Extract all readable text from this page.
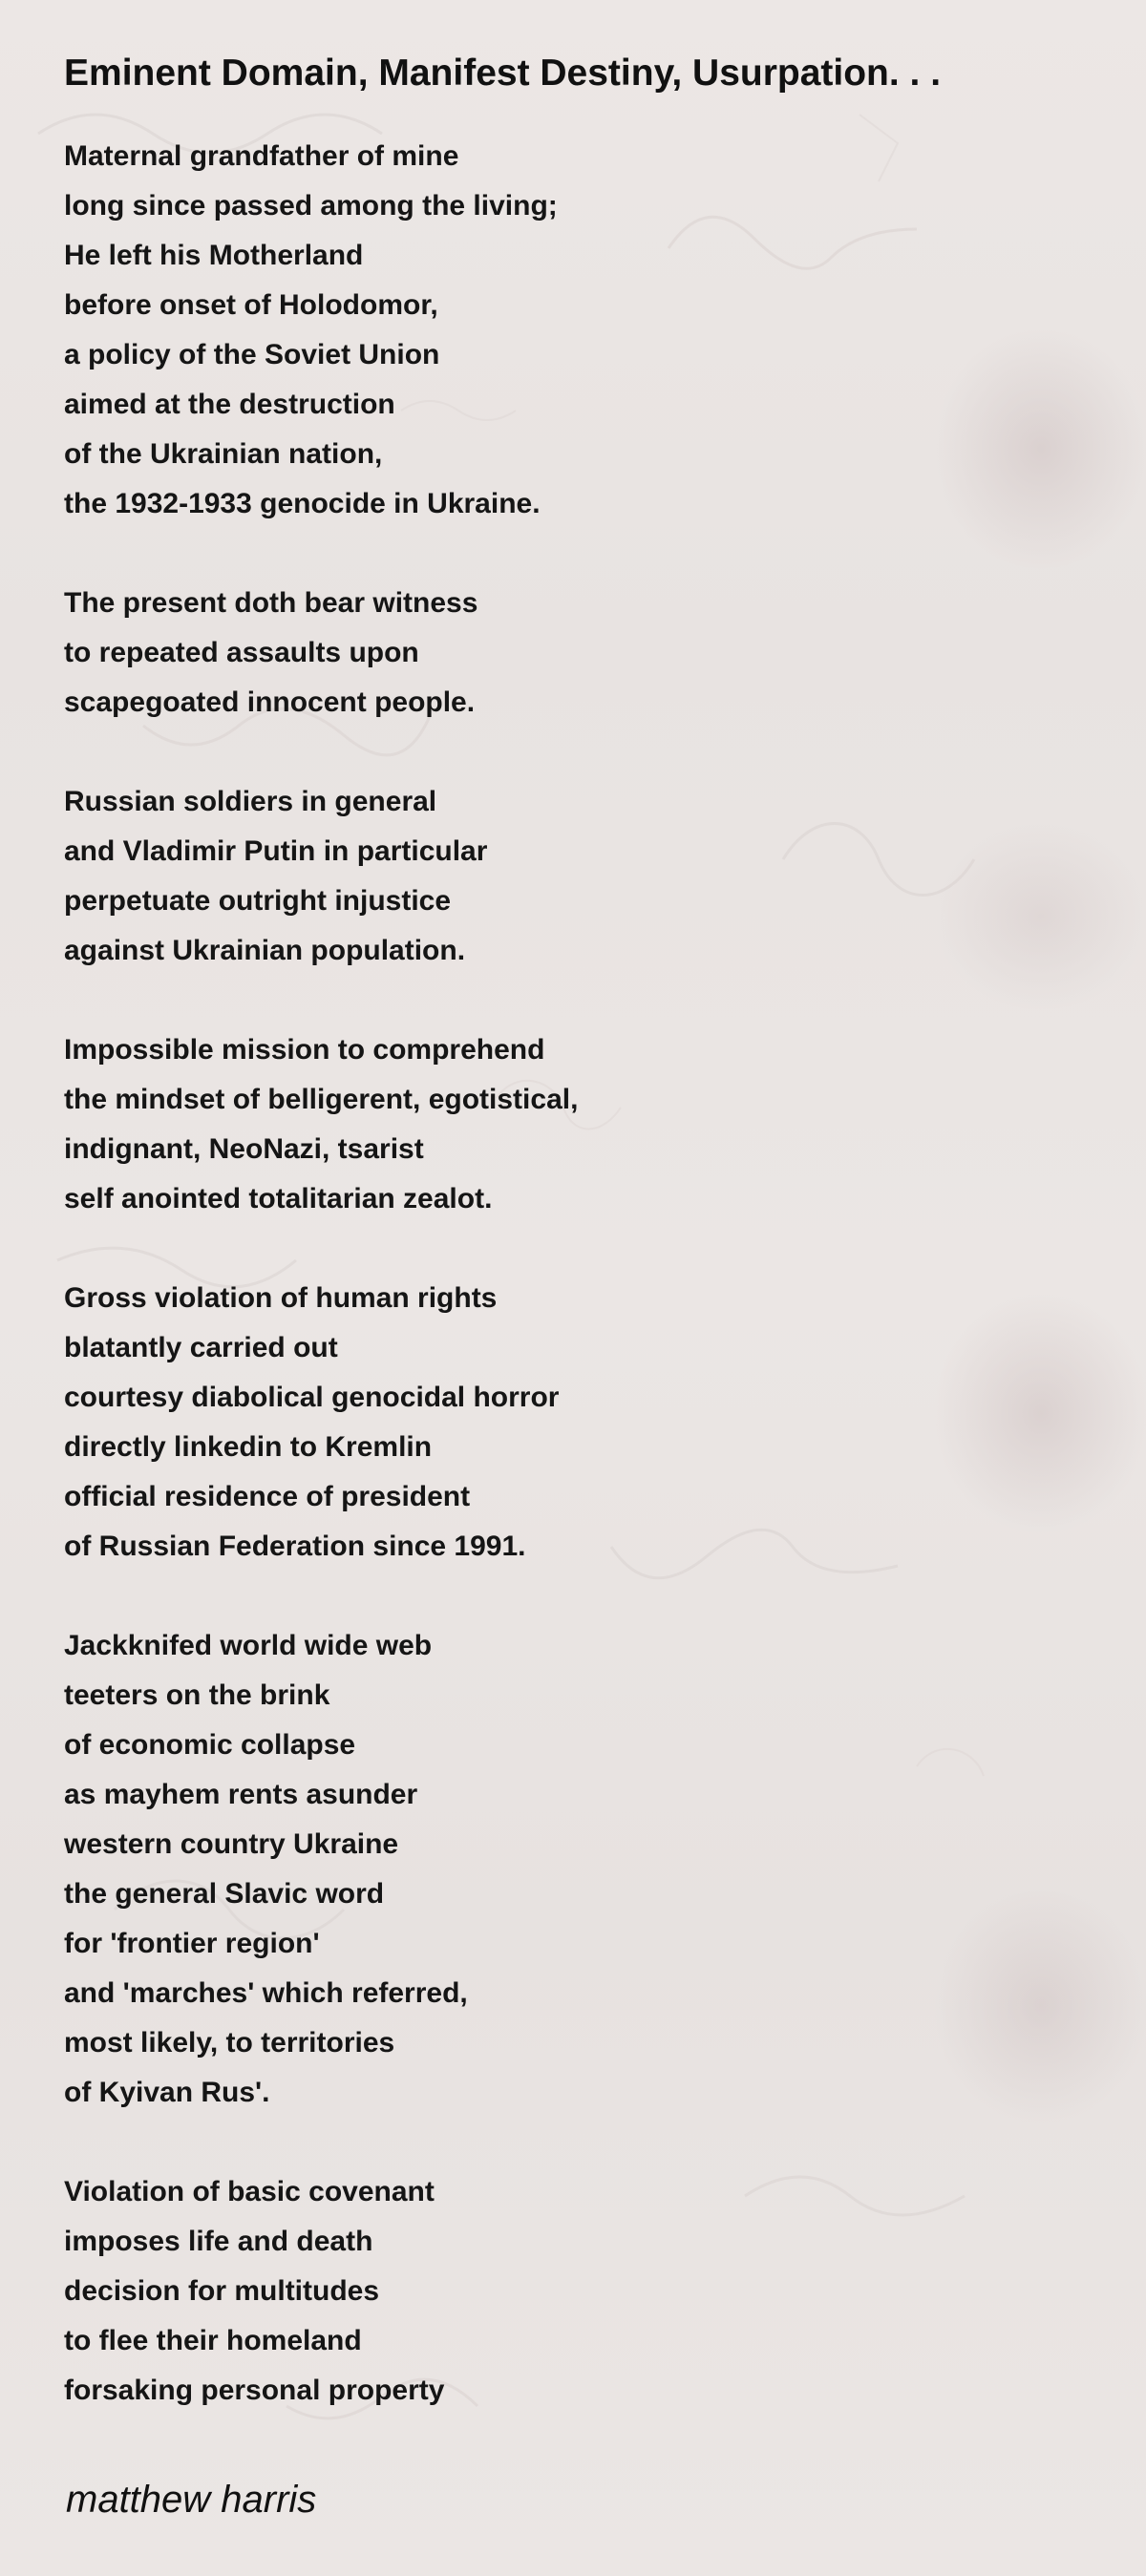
Eminent Domain, Manifest Destiny, Usurpation. . .
Maternal grandfather of mine
long since passed among the living;
He left his Motherland
before onset of Holodomor,
a policy of the Soviet Union
aimed at the destruction
of the Ukrainian nation,
the 1932-1933 genocide in Ukraine.
The present doth bear witness
to repeated assaults upon
scapegoated innocent people.
Russian soldiers in general
and Vladimir Putin in particular
perpetuate outright injustice
against Ukrainian population.
Impossible mission to comprehend
the mindset of belligerent, egotistical,
indignant, NeoNazi, tsarist
self anointed totalitarian zealot.
Gross violation of human rights
blatantly carried out
courtesy diabolical genocidal horror
directly linkedin to Kremlin
official residence of president
of Russian Federation since 1991.
Jackknifed world wide web
teeters on the brink
of economic collapse
as mayhem rents asunder
western country Ukraine
the general Slavic word
for 'frontier region'
and 'marches' which referred,
most likely, to territories
of Kyivan Rus'.
Violation of basic covenant
imposes life and death
decision for multitudes
to flee their homeland
forsaking personal property
matthew harris
